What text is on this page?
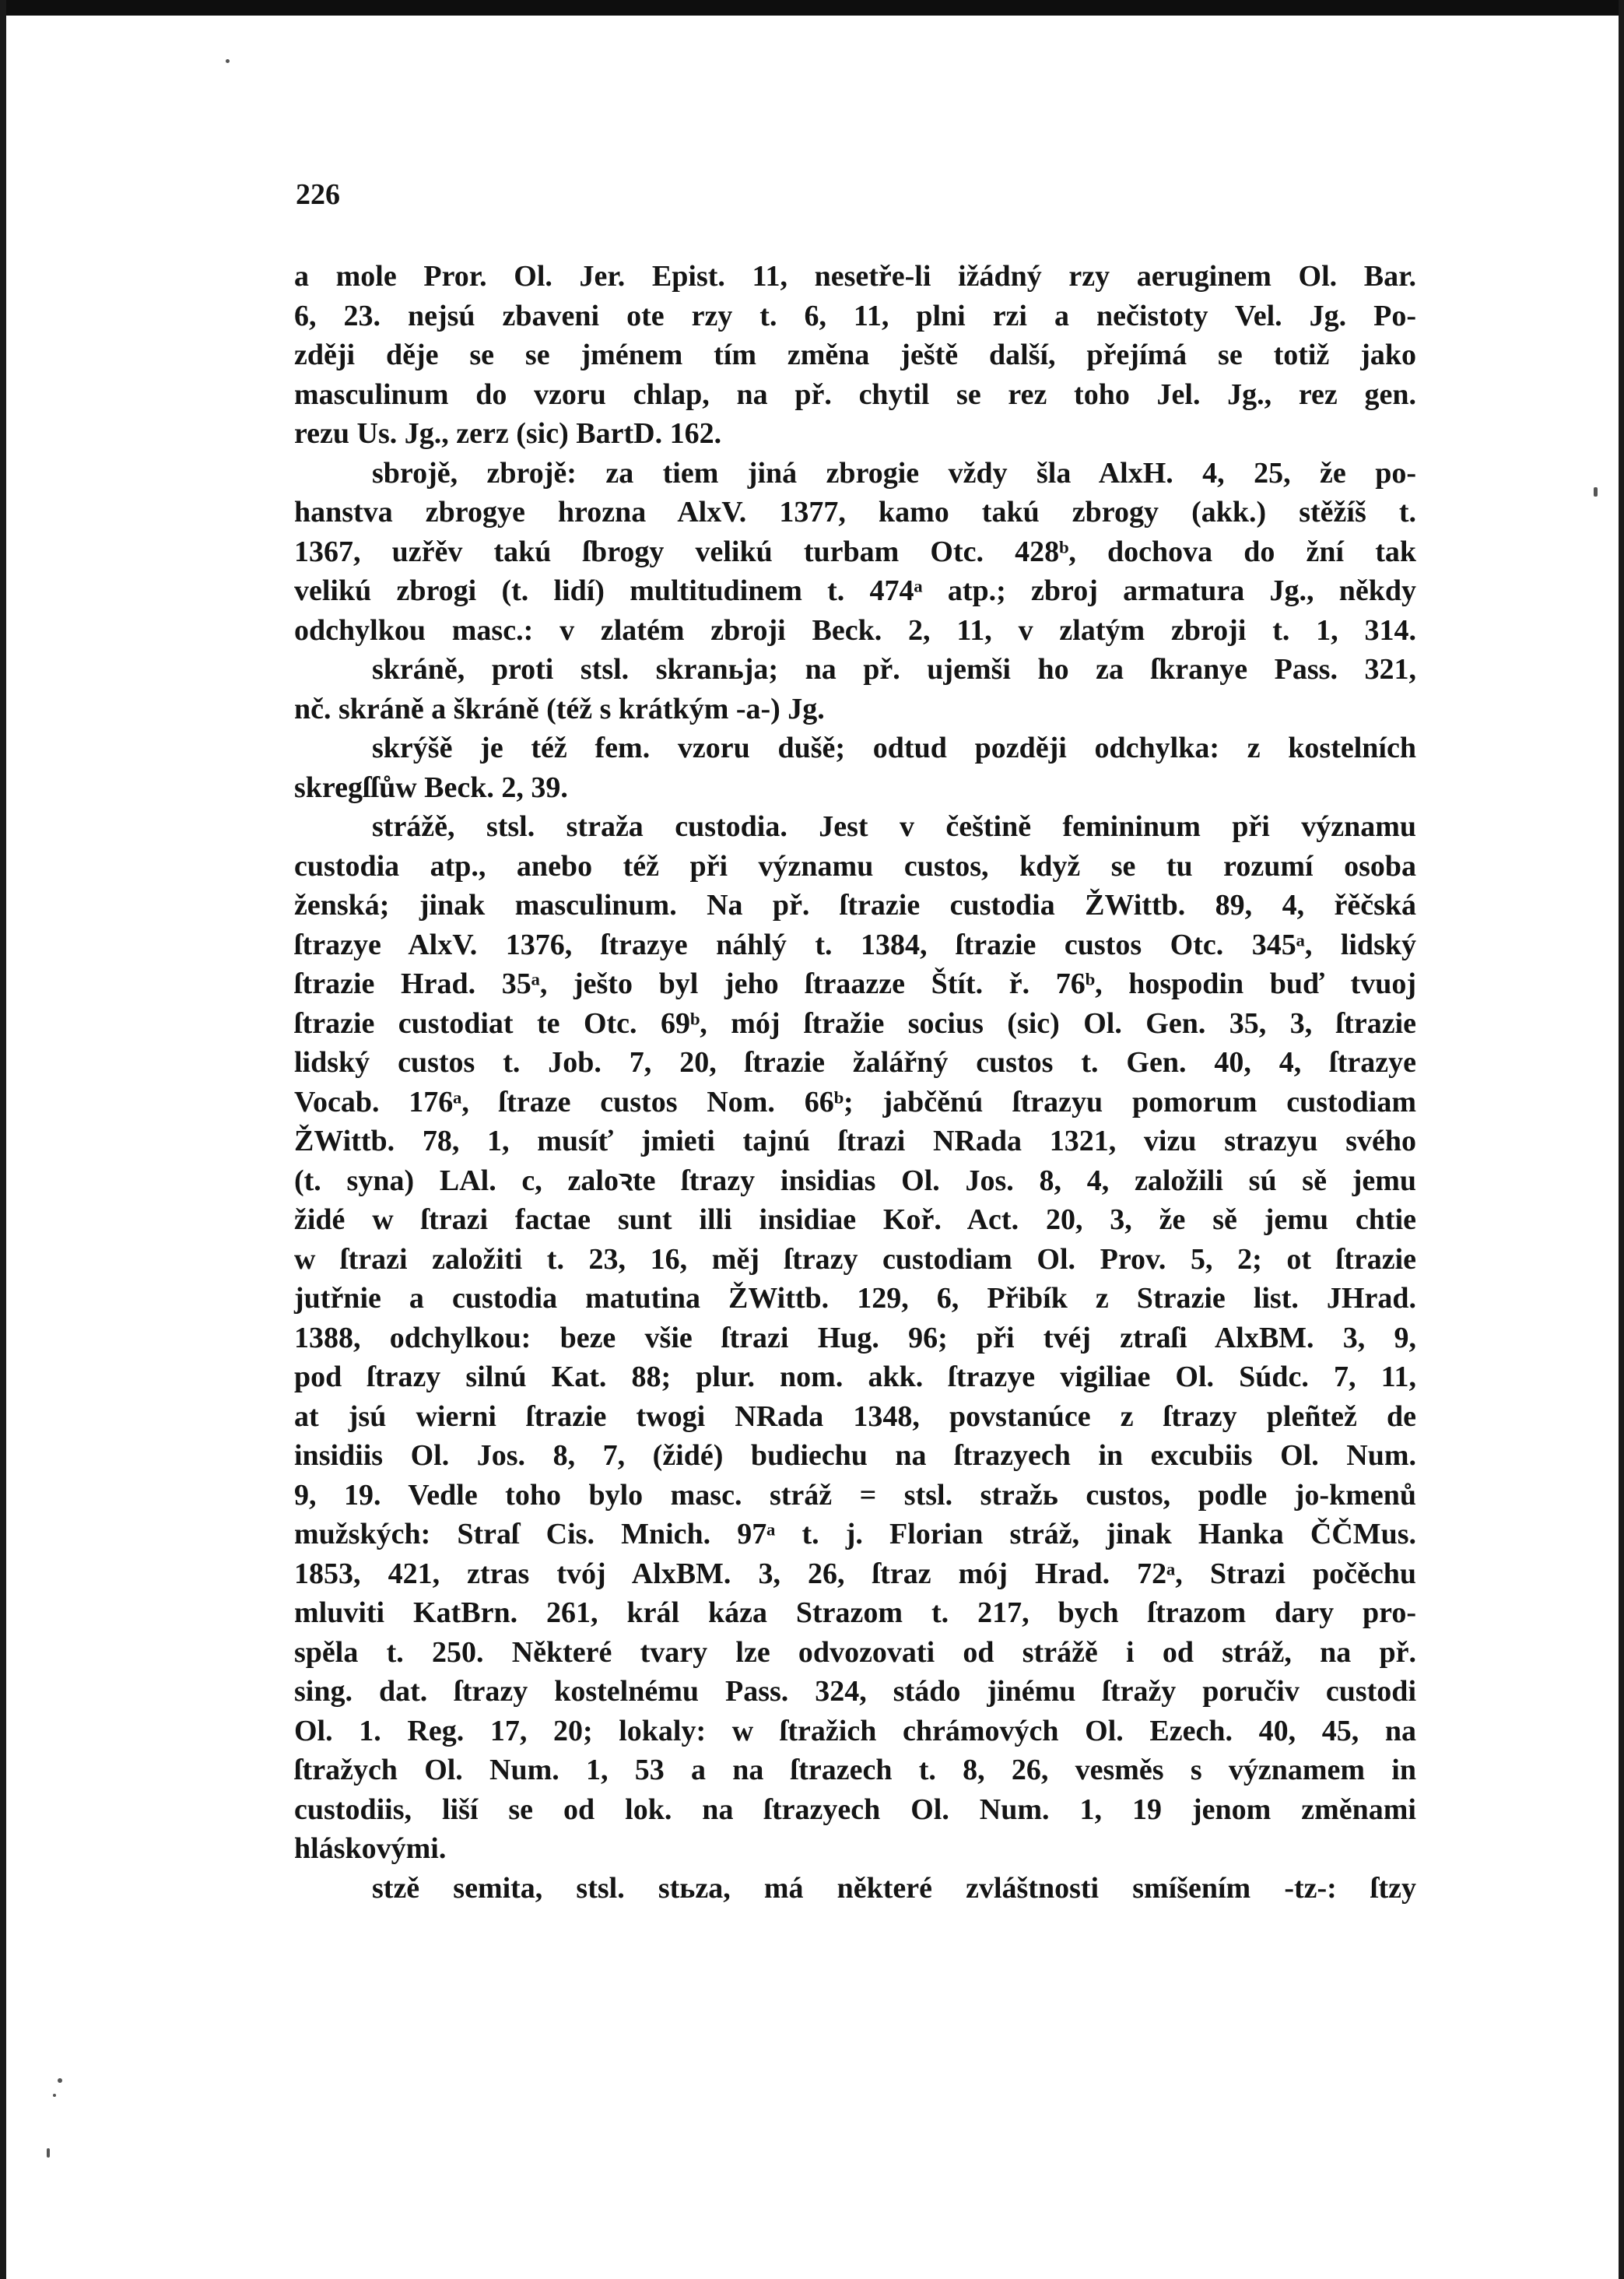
226
a mole Pror. Ol. Jer. Epist. 11, nesetře-li ižádný rzy aeruginem Ol. Bar.
6, 23. nejsú zbaveni ote rzy t. 6, 11, plni rzi a nečistoty Vel. Jg. Po-
zději děje se se jménem tím změna ještě další, přejímá se totiž jako
masculinum do vzoru chlap, na př. chytil se rez toho Jel. Jg., rez gen.
rezu Us. Jg., zerz (sic) BartD. 162.
sbrojě, zbrojě: za tiem jiná zbrogie vždy šla AlxH. 4, 25, že po-
hanstva zbrogye hrozna AlxV. 1377, kamo takú zbrogy (akk.) stěžíš t.
1367, uzřěv takú ſbrogy velikú turbam Otc. 428ᵇ, dochova do žní tak
velikú zbrogi (t. lidí) multitudinem t. 474ᵃ atp.; zbroj armatura Jg., někdy
odchylkou masc.: v zlatém zbroji Beck. 2, 11, v zlatým zbroji t. 1, 314.
skráně, proti stsl. skranьja; na př. ujemši ho za ſkranye Pass. 321,
nč. skráně a škráně (též s krátkým -a-) Jg.
skrýšě je též fem. vzoru dušě; odtud později odchylka: z kostelních
skregſſůw Beck. 2, 39.
strážě, stsl. straža custodia. Jest v češtině femininum při významu
custodia atp., anebo též při významu custos, když se tu rozumí osoba
ženská; jinak masculinum. Na př. ſtrazie custodia ŽWittb. 89, 4, řěčská
ſtrazye AlxV. 1376, ſtrazye náhlý t. 1384, ſtrazie custos Otc. 345ᵃ, lidský
ſtrazie Hrad. 35ᵃ, ješto byl jeho ſtraazze Štít. ř. 76ᵇ, hospodin buď tvuoj
ſtrazie custodiat te Otc. 69ᵇ, mój ſtražie socius (sic) Ol. Gen. 35, 3, ſtrazie
lidský custos t. Job. 7, 20, ſtrazie žalářný custos t. Gen. 40, 4, ſtrazye
Vocab. 176ᵃ, ſtraze custos Nom. 66ᵇ; jabčěnú ſtrazyu pomorum custodiam
ŽWittb. 78, 1, musíť jmieti tajnú ſtrazi NRada 1321, vizu strazyu svého
(t. syna) LAl. c, zaloꝛte ſtrazy insidias Ol. Jos. 8, 4, založili sú sě jemu
židé w ſtrazi factae sunt illi insidiae Koř. Act. 20, 3, že sě jemu chtie
w ſtrazi založiti t. 23, 16, měj ſtrazy custodiam Ol. Prov. 5, 2; ot ſtrazie
jutřnie a custodia matutina ŽWittb. 129, 6, Přibík z Strazie list. JHrad.
1388, odchylkou: beze všie ſtrazi Hug. 96; při tvéj ztraſi AlxBM. 3, 9,
pod ſtrazy silnú Kat. 88; plur. nom. akk. ſtrazye vigiliae Ol. Súdc. 7, 11,
at jsú wierni ſtrazie twogi NRada 1348, povstanúce z ſtrazy pleñtež de
insidiis Ol. Jos. 8, 7, (židé) budiechu na ſtrazyech in excubiis Ol. Num.
9, 19. Vedle toho bylo masc. stráž = stsl. stražь custos, podle jo-kmenů
mužských: Straſ Cis. Mnich. 97ᵃ t. j. Florian stráž, jinak Hanka ČČMus.
1853, 421, ztras tvój AlxBM. 3, 26, ſtraz mój Hrad. 72ᵃ, Strazi počěchu
mluviti KatBrn. 261, král káza Strazom t. 217, bych ſtrazom dary pro-
spěla t. 250. Některé tvary lze odvozovati od strážě i od stráž, na př.
sing. dat. ſtrazy kostelnému Pass. 324, stádo jinému ſtražy poručiv custodi
Ol. 1. Reg. 17, 20; lokaly: w ſtražich chrámových Ol. Ezech. 40, 45, na
ſtražych Ol. Num. 1, 53 a na ſtrazech t. 8, 26, vesměs s významem in
custodiis, liší se od lok. na ſtrazyech Ol. Num. 1, 19 jenom změnami
hláskovými.
stzě semita, stsl. stьza, má některé zvláštnosti smíšením -tz-: ſtzy
